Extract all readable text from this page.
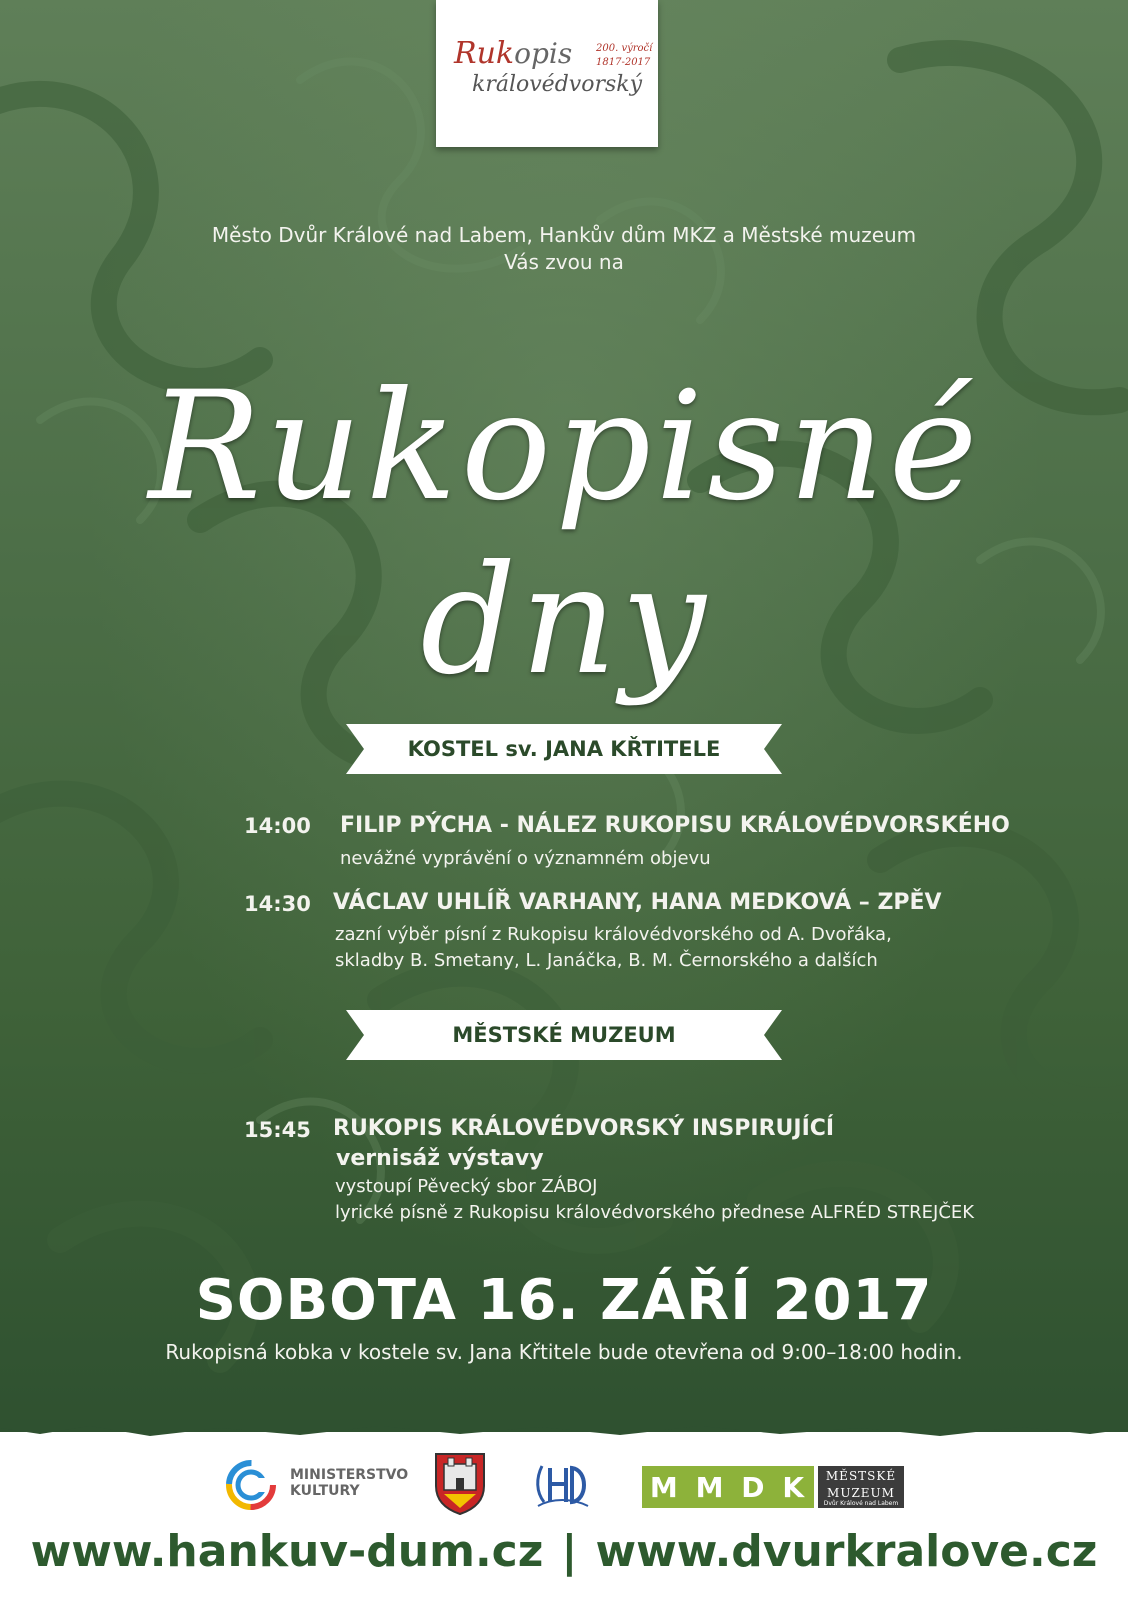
Rukopis
královédvorský
200. výročí
1817-2017
Město Dvůr Králové nad Labem, Hankův dům MKZ a Městské muzeum
Vás zvou na
Rukopisné dny
KOSTEL sv. JANA KŘTITELE
14:00 FILIP PÝCHA - NÁLEZ RUKOPISU KRÁLOVÉDVORSKÉHO
nevážné vyprávění o významném objevu
14:30 VÁCLAV UHLÍŘ VARHANY, HANA MEDKOVÁ – ZPĚV
zazní výběr písní z Rukopisu královédvorského od A. Dvořáka,
skladby B. Smetany, L. Janáčka, B. M. Černorského a dalších
MĚSTSKÉ MUZEUM
15:45 RUKOPIS KRÁLOVÉDVORSKÝ INSPIRUJÍCÍ
vernisáž výstavy
vystoupí Pěvecký sbor ZÁBOJ
lyrické písně z Rukopisu královédvorského přednese ALFRÉD STREJČEK
SOBOTA 16. ZÁŘÍ 2017
Rukopisná kobka v kostele sv. Jana Křtitele bude otevřena od 9:00–18:00 hodin.
MINISTERSTVO
KULTURY	M M D K	MĚSTSKÉ
MUZEUM
Dvůr Králové nad Labem
www.hankuv-dum.cz | www.dvurkralove.cz
